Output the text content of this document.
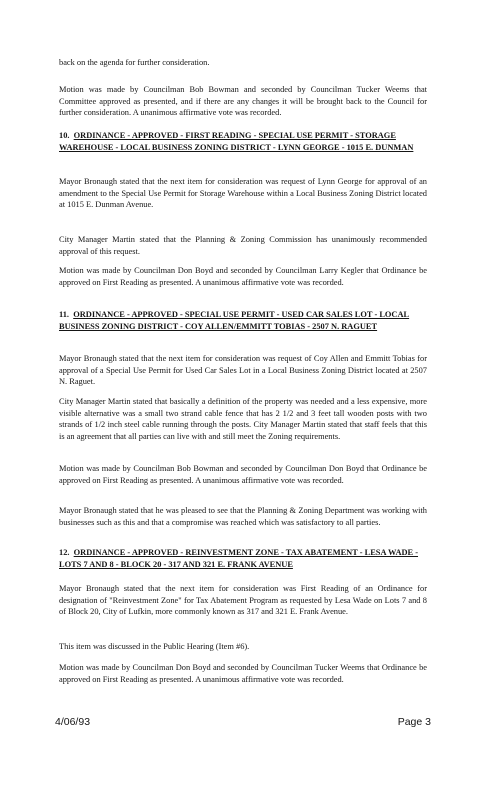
back on the agenda for further consideration.

Motion was made by Councilman Bob Bowman and seconded by Councilman Tucker Weems that Committee approved as presented, and if there are any changes it will be brought back to the Council for further consideration. A unanimous affirmative vote was recorded.

10. ORDINANCE - APPROVED - FIRST READING - SPECIAL USE PERMIT - STORAGE WAREHOUSE - LOCAL BUSINESS ZONING DISTRICT - LYNN GEORGE - 1015 E. DUNMAN

Mayor Bronaugh stated that the next item for consideration was request of Lynn George for approval of an amendment to the Special Use Permit for Storage Warehouse within a Local Business Zoning District located at 1015 E. Dunman Avenue.

City Manager Martin stated that the Planning & Zoning Commission has unanimously recommended approval of this request.

Motion was made by Councilman Don Boyd and seconded by Councilman Larry Kegler that Ordinance be approved on First Reading as presented. A unanimous affirmative vote was recorded.

11. ORDINANCE - APPROVED - SPECIAL USE PERMIT - USED CAR SALES LOT - LOCAL BUSINESS ZONING DISTRICT - COY ALLEN/EMMITT TOBIAS - 2507 N. RAGUET

Mayor Bronaugh stated that the next item for consideration was request of Coy Allen and Emmitt Tobias for approval of a Special Use Permit for Used Car Sales Lot in a Local Business Zoning District located at 2507 N. Raguet.

City Manager Martin stated that basically a definition of the property was needed and a less expensive, more visible alternative was a small two strand cable fence that has 2 1/2 and 3 feet tall wooden posts with two strands of 1/2 inch steel cable running through the posts. City Manager Martin stated that staff feels that this is an agreement that all parties can live with and still meet the Zoning requirements.

Motion was made by Councilman Bob Bowman and seconded by Councilman Don Boyd that Ordinance be approved on First Reading as presented. A unanimous affirmative vote was recorded.

Mayor Bronaugh stated that he was pleased to see that the Planning & Zoning Department was working with businesses such as this and that a compromise was reached which was satisfactory to all parties.

12. ORDINANCE - APPROVED - REINVESTMENT ZONE - TAX ABATEMENT - LESA WADE - LOTS 7 AND 8 - BLOCK 20 - 317 AND 321 E. FRANK AVENUE

Mayor Bronaugh stated that the next item for consideration was First Reading of an Ordinance for designation of "Reinvestment Zone" for Tax Abatement Program as requested by Lesa Wade on Lots 7 and 8 of Block 20, City of Lufkin, more commonly known as 317 and 321 E. Frank Avenue.

This item was discussed in the Public Hearing (Item #6).

Motion was made by Councilman Don Boyd and seconded by Councilman Tucker Weems that Ordinance be approved on First Reading as presented. A unanimous affirmative vote was recorded.

4/06/93	Page 3
